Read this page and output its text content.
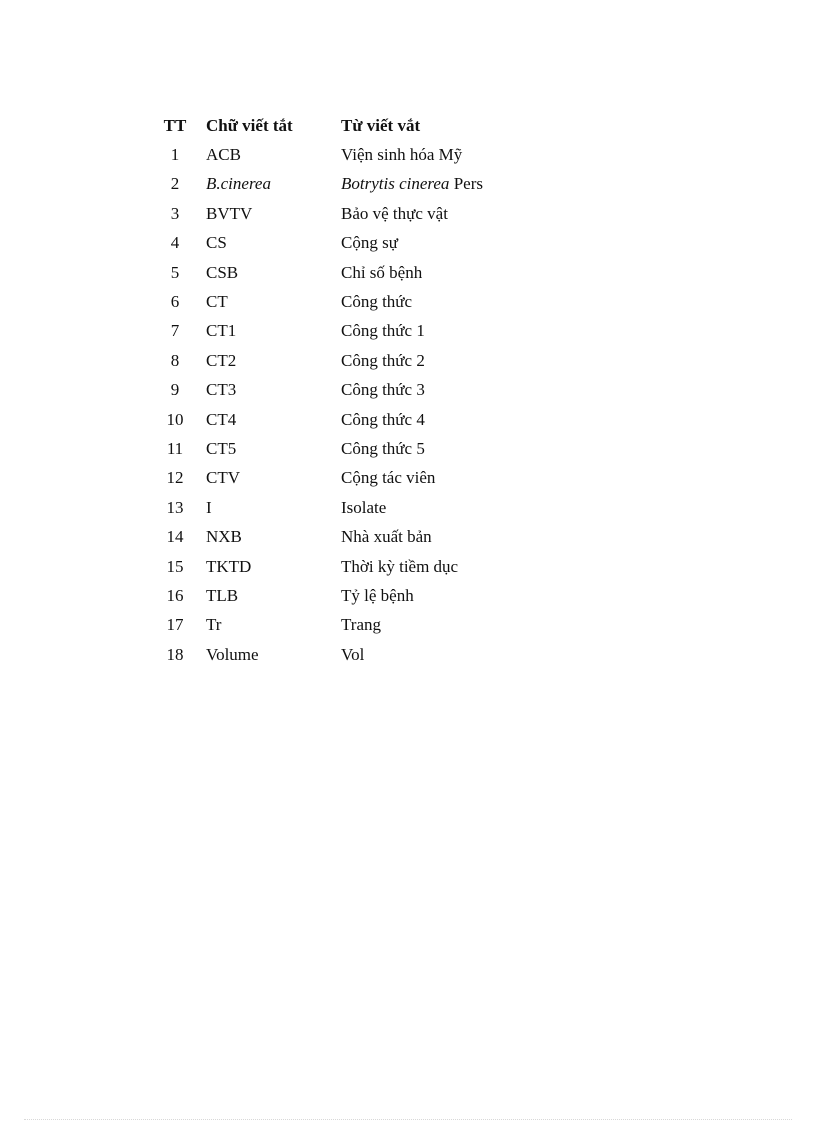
TT	Chữ viết tắt	Từ viết vắt
1	ACB	Viện sinh hóa Mỹ
2	B.cinerea	Botrytis cinerea Pers
3	BVTV	Bảo vệ thực vật
4	CS	Cộng sự
5	CSB	Chỉ số bệnh
6	CT	Công thức
7	CT1	Công thức 1
8	CT2	Công thức 2
9	CT3	Công thức 3
10	CT4	Công thức 4
11	CT5	Công thức 5
12	CTV	Cộng tác viên
13	I	Isolate
14	NXB	Nhà xuất bản
15	TKTD	Thời kỳ tiềm dục
16	TLB	Tỷ lệ bệnh
17	Tr	Trang
18	Volume	Vol
